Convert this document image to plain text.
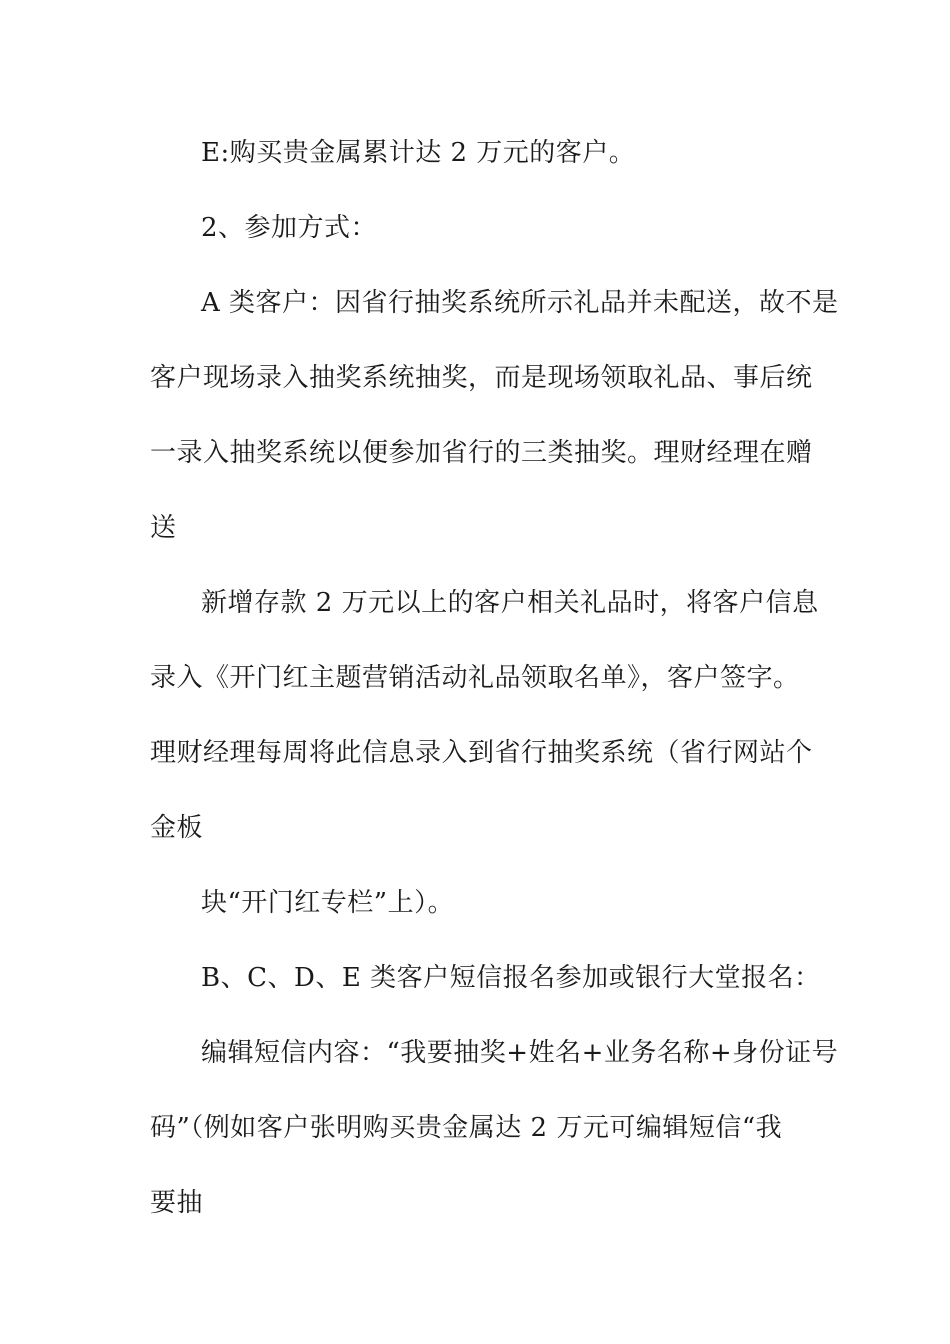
E:购买贵金属累计达 2 万元的客户。
2、参加方式：
A 类客户：因省行抽奖系统所示礼品并未配送，故不是
客户现场录入抽奖系统抽奖，而是现场领取礼品、事后统
一录入抽奖系统以便参加省行的三类抽奖。理财经理在赠
送
新增存款 2 万元以上的客户相关礼品时，将客户信息
录入《开门红主题营销活动礼品领取名单》，客户签字。
理财经理每周将此信息录入到省行抽奖系统（省行网站个
金板
块“开门红专栏”上）。
B、C、D、E 类客户短信报名参加或银行大堂报名：
编辑短信内容：“我要抽奖+姓名+业务名称+身份证号
码”（例如客户张明购买贵金属达 2 万元可编辑短信“我
要抽
